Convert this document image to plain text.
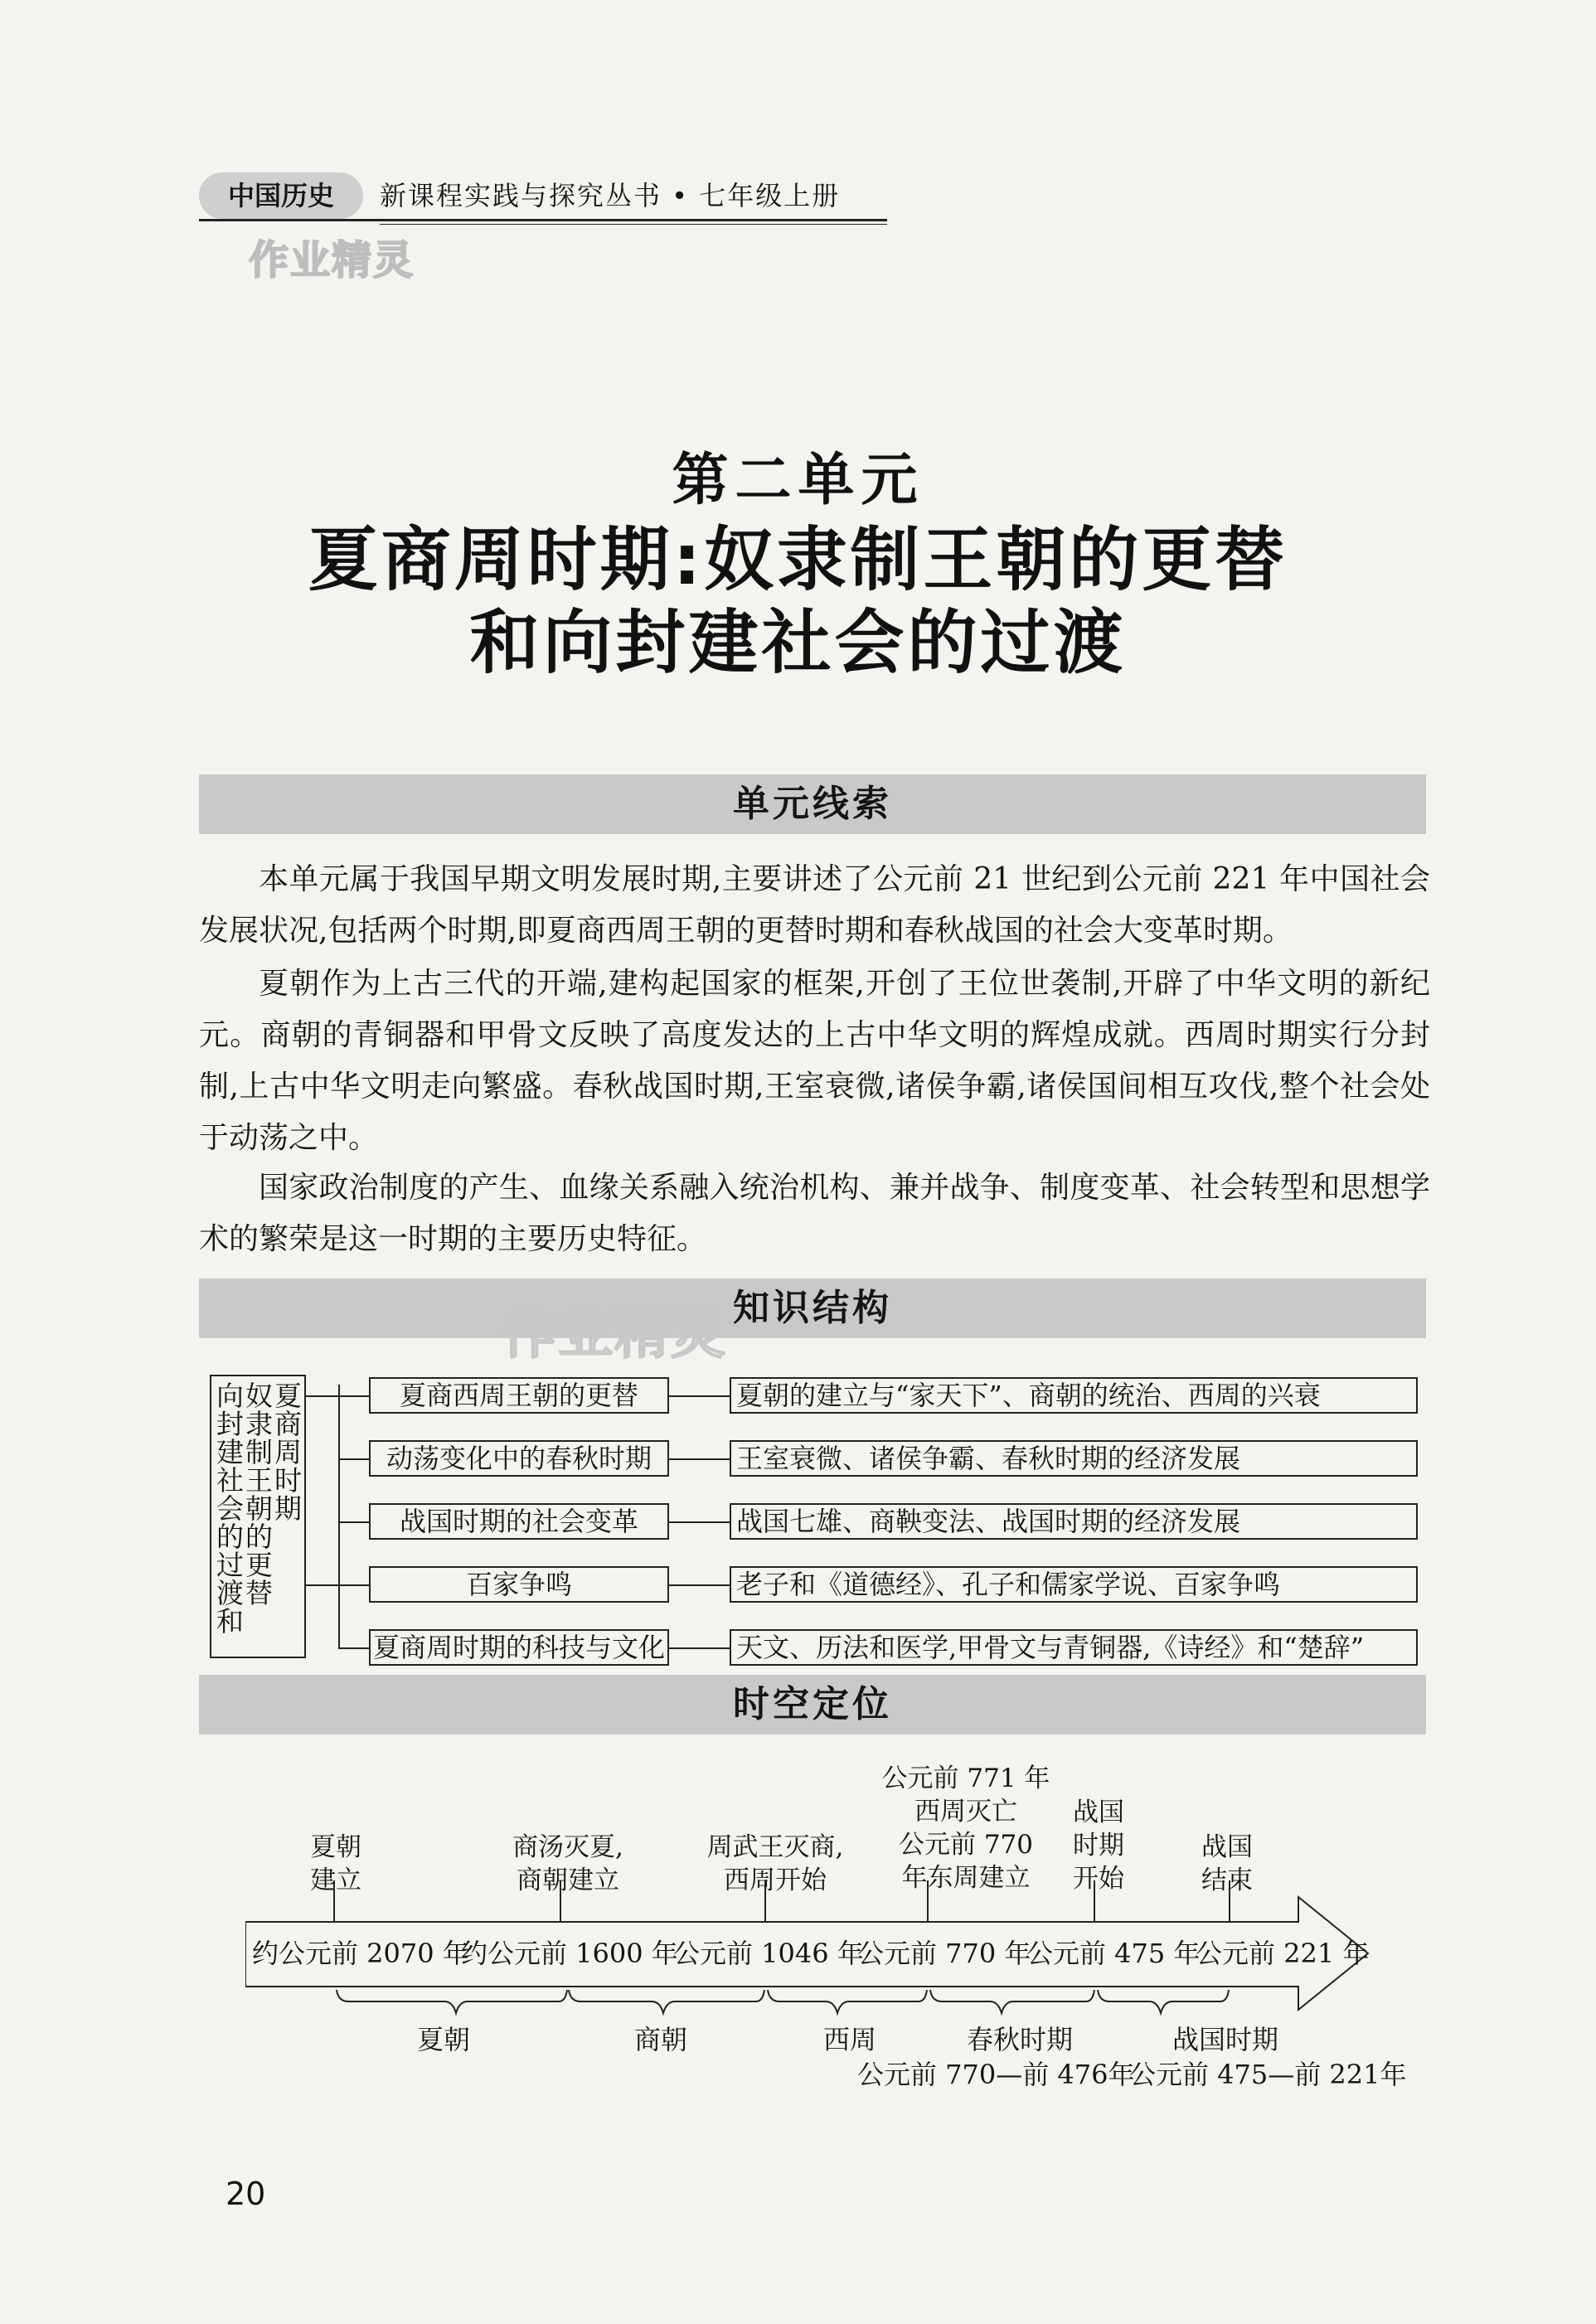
中国历史	新课程实践与探究丛书 • 七年级上册
作业精灵
第二单元
夏商周时期:奴隶制王朝的更替
和向封建社会的过渡
单元线索

本单元属于我国早期文明发展时期,主要讲述了公元前 21 世纪到公元前 221 年中国社会发展状况,包括两个时期,即夏商西周王朝的更替时期和春秋战国的社会大变革时期。

夏朝作为上古三代的开端,建构起国家的框架,开创了王位世袭制,开辟了中华文明的新纪元。商朝的青铜器和甲骨文反映了高度发达的上古中华文明的辉煌成就。西周时期实行分封制,上古中华文明走向繁盛。春秋战国时期,王室衰微,诸侯争霸,诸侯国间相互攻伐,整个社会处于动荡之中。

国家政治制度的产生、血缘关系融入统治机构、兼并战争、制度变革、社会转型和思想学术的繁荣是这一时期的主要历史特征。

知识结构
作业精灵
夏商周时期
奴隶制王朝的更替
向封建社会的过渡和	夏商西周王朝的更替	夏朝的建立与“家天下”、商朝的统治、西周的兴衰
动荡变化中的春秋时期	王室衰微、诸侯争霸、春秋时期的经济发展
战国时期的社会变革	战国七雄、商鞅变法、战国时期的经济发展
百家争鸣	老子和《道德经》、孔子和儒家学说、百家争鸣
夏商周时期的科技与文化	天文、历法和医学,甲骨文与青铜器,《诗经》和“楚辞”
时空定位
夏朝
建立
商汤灭夏,
商朝建立
周武王灭商,
西周开始
公元前 771 年
西周灭亡
公元前 770
年东周建立
战国
时期
开始
战国
结束
约公元前 2070 年
约公元前 1600 年
公元前 1046 年
公元前 770 年
公元前 475 年
公元前 221 年
夏朝	商朝	西周	春秋时期	战国时期
公元前 770—前 476年
公元前 475—前 221年
20
